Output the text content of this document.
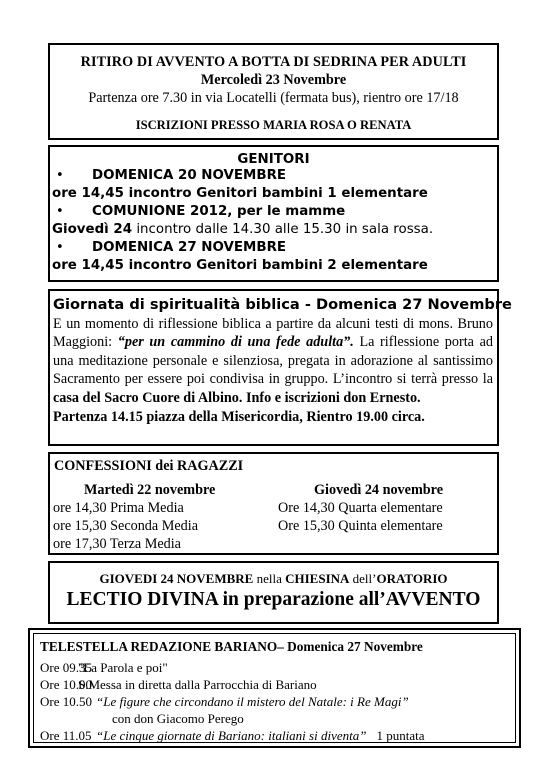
RITIRO DI AVVENTO A BOTTA DI SEDRINA PER ADULTI
Mercoledì 23 Novembre
Partenza ore 7.30 in via Locatelli (fermata bus), rientro ore 17/18
ISCRIZIONI PRESSO MARIA ROSA O RENATA
GENITORI
• DOMENICA 20 NOVEMBRE
ore 14,45 incontro Genitori bambini 1 elementare
• COMUNIONE 2012, per le mamme
Giovedì 24 incontro dalle 14.30 alle 15.30 in sala rossa.
• DOMENICA 27 NOVEMBRE
ore 14,45 incontro Genitori bambini 2 elementare
Giornata di spiritualità biblica - Domenica 27 Novembre
E un momento di riflessione biblica a partire da alcuni testi di mons. Bruno Maggioni: “per un cammino di una fede adulta”. La riflessione porta ad una meditazione personale e silenziosa, pregata in adorazione al santissimo Sacramento per essere poi condivisa in gruppo. L’incontro si terrà presso la casa del Sacro Cuore di Albino. Info e iscrizioni don Ernesto.
Partenza 14.15 piazza della Misericordia, Rientro 19.00 circa.
CONFESSIONI dei RAGAZZI
Martedì 22 novembre
ore 14,30 Prima Media
ore 15,30 Seconda Media
ore 17,30 Terza Media
Giovedì 24 novembre
Ore 14,30 Quarta elementare
Ore 15,30 Quinta elementare
GIOVEDI 24 NOVEMBRE nella CHIESINA dell’ORATORIO
LECTIO DIVINA in preparazione all’AVVENTO
TELESTELLA REDAZIONE BARIANO– Domenica 27 Novembre
Ore 09.35
"La Parola e poi"
Ore 10.00
S.Messa in diretta dalla Parrocchia di Bariano
Ore 10.50 “Le figure che circondano il mistero del Natale: i Re Magi”
con don Giacomo Perego
Ore 11.05 “Le cinque giornate di Bariano: italiani si diventa” 1 puntata
